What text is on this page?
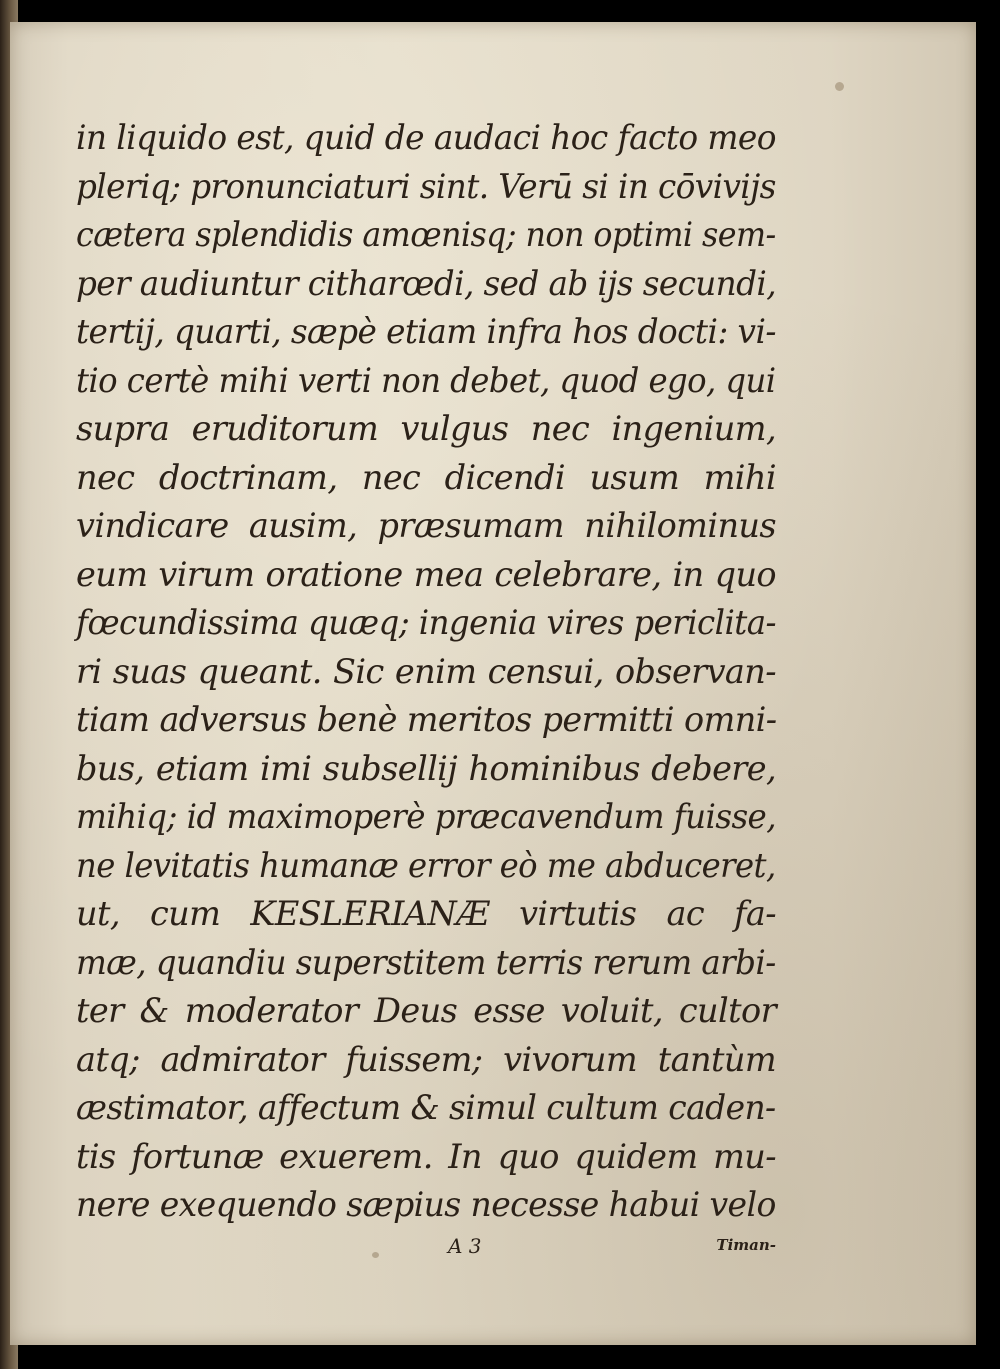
in liquido est, quid de audaci hoc facto meo
pleriq; pronunciaturi sint. Verū si in cōvivijs
cætera splendidis amœnisq; non optimi sem-
per audiuntur citharœdi, sed ab ijs secundi,
tertij, quarti, sæpè etiam infra hos docti: vi-
tio certè mihi verti non debet, quod ego, qui
supra eruditorum vulgus nec ingenium,
nec doctrinam, nec dicendi usum mihi
vindicare ausim, præsumam nihilominus
eum virum oratione mea celebrare, in quo
fœcundissima quæq; ingenia vires periclita-
ri suas queant. Sic enim censui, observan-
tiam adversus benè meritos permitti omni-
bus, etiam imi subsellij hominibus debere,
mihiq; id maximoperè præcavendum fuisse,
ne levitatis humanæ error eò me abduceret,
ut, cum KESLERIANÆ virtutis ac fa-
mæ, quandiu superstitem terris rerum arbi-
ter & moderator Deus esse voluit, cultor
atq; admirator fuissem; vivorum tantùm
æstimator, affectum & simul cultum caden-
tis fortunæ exuerem. In quo quidem mu-
nere exequendo sæpius necesse habui velo
A 3	Timan-
